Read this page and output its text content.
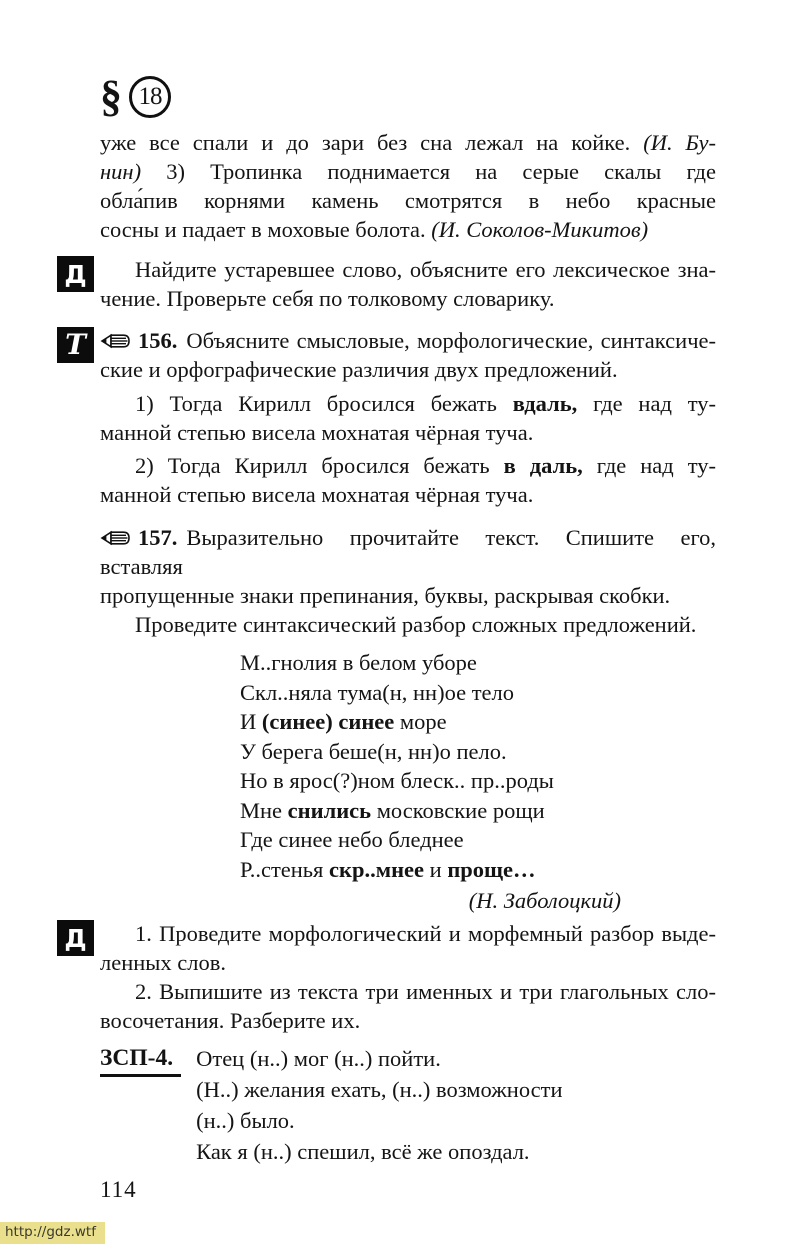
§ 18

уже все спали и до зари без сна лежал на койке. (И. Бу-

нин) 3) Тропинка поднимается на серые скалы где

обла́пив корнями камень смотрятся в небо красные

сосны и падает в моховые болота. (И. Соколов-Микитов)

Д	Найдите устаревшее слово, объясните его лексическое зна-

чение. Проверьте себя по толковому словарику.

Т	156. Объясните смысловые, морфологические, синтаксиче-

ские и орфографические различия двух предложений.

1) Тогда Кирилл бросился бежать вдаль, где над ту-

манной степью висела мохнатая чёрная туча.

2) Тогда Кирилл бросился бежать в даль, где над ту-

манной степью висела мохнатая чёрная туча.

157. Выразительно прочитайте текст. Спишите его, вставляя

пропущенные знаки препинания, буквы, раскрывая скобки.

Проведите синтаксический разбор сложных предложений.

М..гнолия в белом уборе

Скл..няла тума(н, нн)ое тело

И (синее) синее море

У берега беше(н, нн)о пело.

Но в ярос(?)ном блеск.. пр..роды

Мне снились московские рощи

Где синее небо бледнее

Р..стенья скр..мнее и проще…

(Н. Заболоцкий)

Д	1. Проведите морфологический и морфемный разбор выде-

ленных слов.

2. Выпишите из текста три именных и три глагольных сло-

восочетания. Разберите их.

ЗСП-4.	Отец (н..) мог (н..) пойти.

(Н..) желания ехать, (н..) возможности

(н..) было.

Как я (н..) спешил, всё же опоздал.

114

http://gdz.wtf
